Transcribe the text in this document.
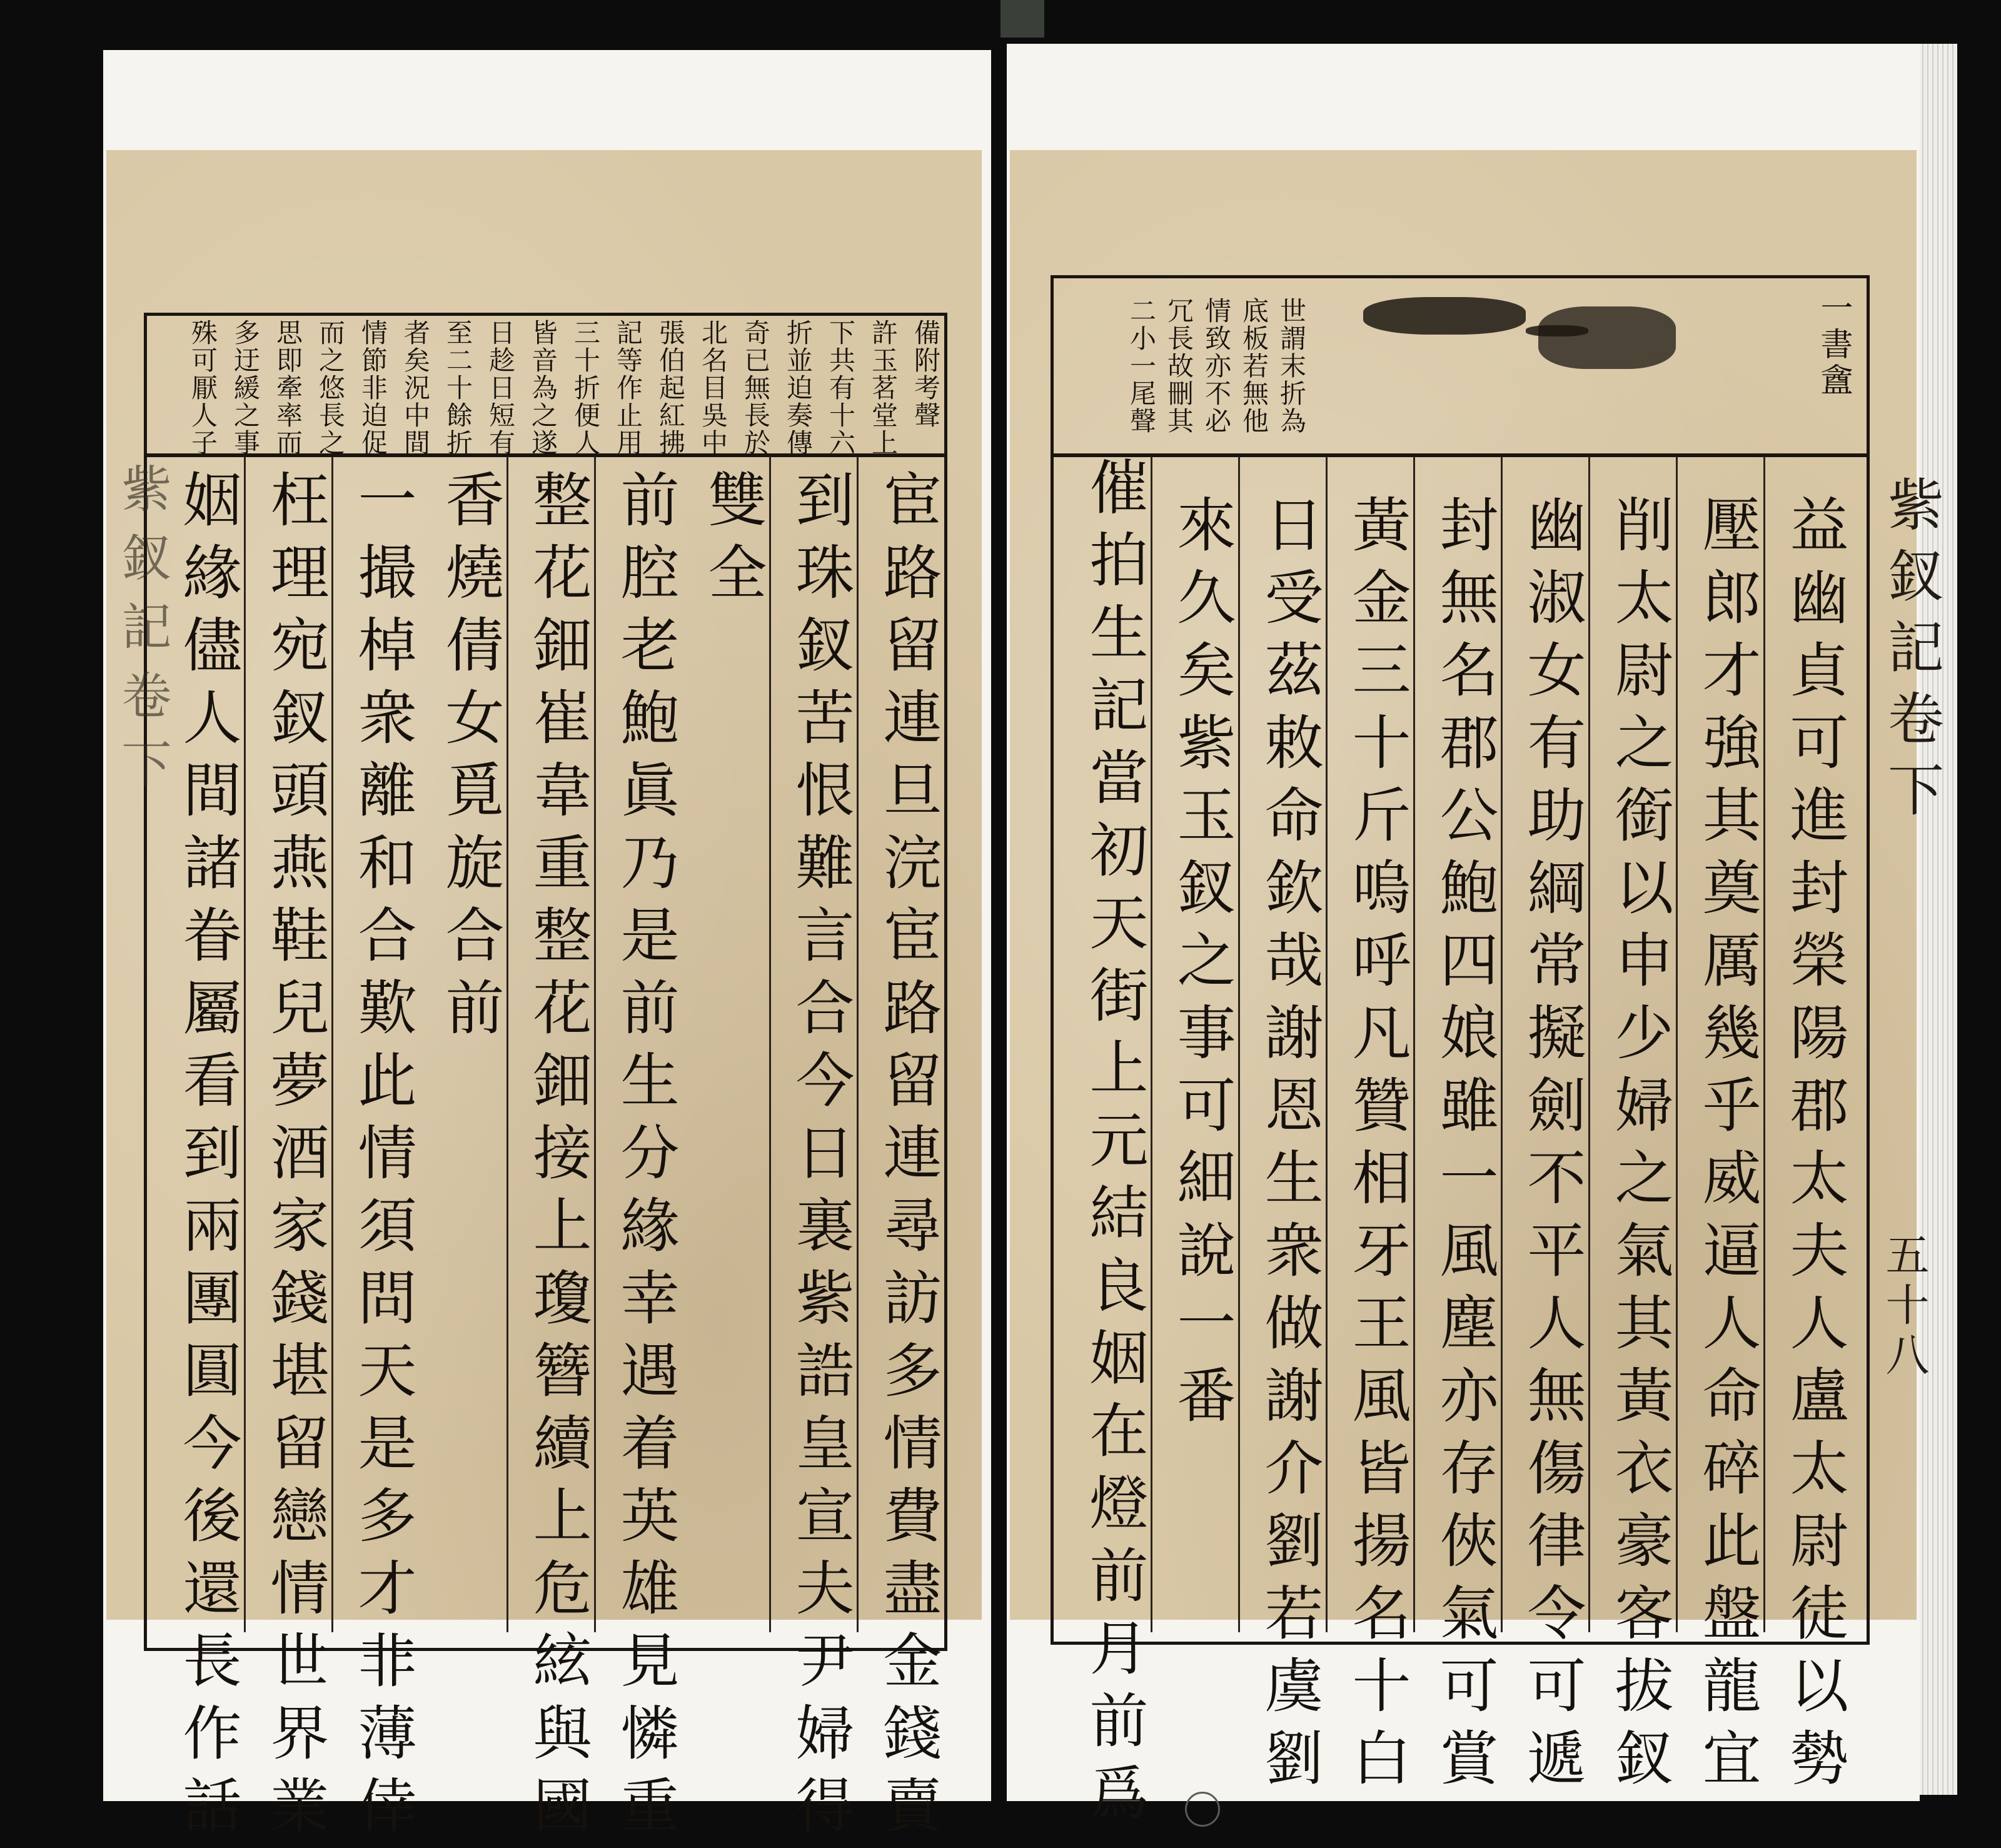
備附考聲
許玉茗堂上
下共有十六
折並迫奏傳
奇已無長於
北名目吳中
張伯起紅拂
記等作止用
三十折便人
皆音為之遂
日趁日短有
至二十餘折
者矣況中間
情節非迫促
而之悠長之
思即牽率而
多迂緩之事
殊可厭人子
宦路留連旦浣宦路留連尋訪多情費盡金錢賣
到珠釵苦恨難言合今日裏紫誥皇宣夫尹婦得
雙全
前腔老鮑眞乃是前生分緣幸遇着英雄見憐重
整花鈿崔韋重整花鈿接上瓊簪續上危絃與國
香燒倩女覓旋合前
一撮棹衆離和合歎此情須問天是多才非薄倖
枉理宛釵頭燕鞋兒夢酒家錢堪留戀情世界業
姻緣儘人間諸眷屬看到兩團圓今後還長作話
紫釵記卷下
世謂末折為
底板若無他
情致亦不必
冗長故刪其
二小一尾聲	一書盦
益幽貞可進封榮陽郡太夫人盧太尉徒以勢
壓郎才強其奠厲幾乎威逼人命碎此盤龍宜
削太尉之銜以申少婦之氣其黃衣豪客拔釵
幽淑女有助綱常擬劍不平人無傷律令可遞
封無名郡公鮑四娘雖一風塵亦存俠氣可賞
黃金三十斤嗚呼凡贊相牙王風皆揚名十白
日受茲敕命欽哉謝恩生衆做謝介劉若虞劉
來久矣紫玉釵之事可細說一番
催拍生記當初天街上元結良姻在燈前月前爲	紫釵記卷下
五十八
